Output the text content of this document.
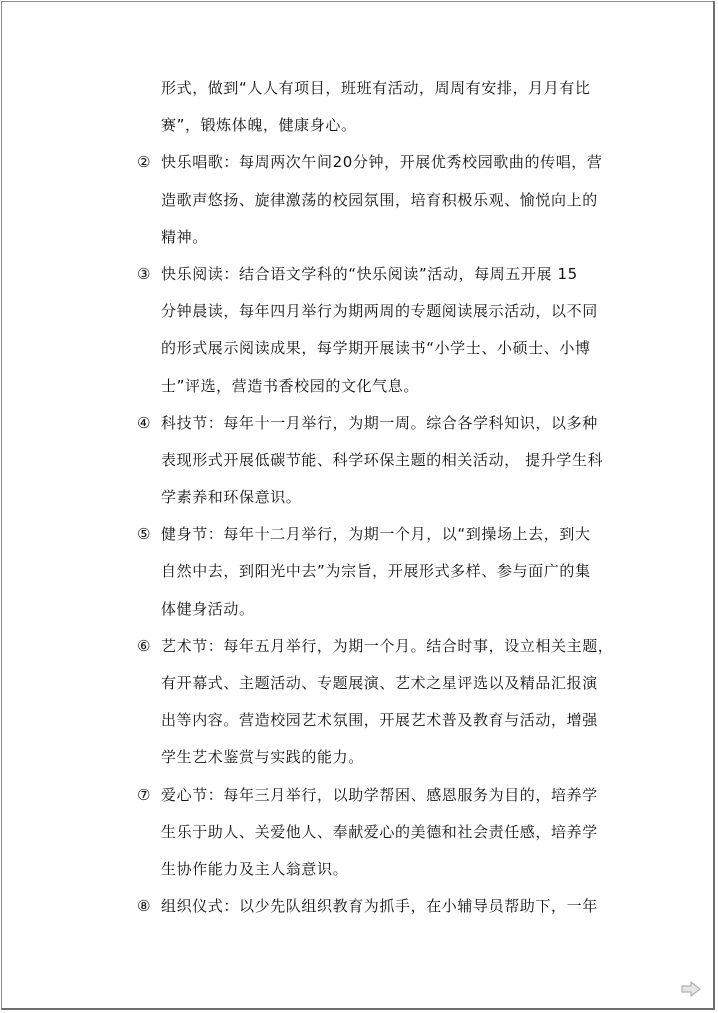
形式，做到“人人有项目，班班有活动，周周有安排，月月有比
赛”，锻炼体魄，健康身心。
② 快乐唱歌：每周两次午间20分钟，开展优秀校园歌曲的传唱，营
造歌声悠扬、旋律激荡的校园氛围，培育积极乐观、愉悦向上的
精神。
③ 快乐阅读：结合语文学科的“快乐阅读”活动，每周五开展 15
分钟晨读，每年四月举行为期两周的专题阅读展示活动，以不同
的形式展示阅读成果，每学期开展读书“小学士、小硕士、小博
士”评选，营造书香校园的文化气息。
④ 科技节：每年十一月举行，为期一周。综合各学科知识，以多种
表现形式开展低碳节能、科学环保主题的相关活动， 提升学生科
学素养和环保意识。
⑤ 健身节：每年十二月举行，为期一个月，以“到操场上去，到大
自然中去，到阳光中去”为宗旨，开展形式多样、参与面广的集
体健身活动。
⑥ 艺术节：每年五月举行，为期一个月。结合时事，设立相关主题，
有开幕式、主题活动、专题展演、艺术之星评选以及精品汇报演
出等内容。营造校园艺术氛围，开展艺术普及教育与活动，增强
学生艺术鉴赏与实践的能力。
⑦ 爱心节：每年三月举行，以助学帮困、感恩服务为目的，培养学
生乐于助人、关爱他人、奉献爱心的美德和社会责任感，培养学
生协作能力及主人翁意识。
⑧ 组织仪式：以少先队组织教育为抓手，在小辅导员帮助下，一年
